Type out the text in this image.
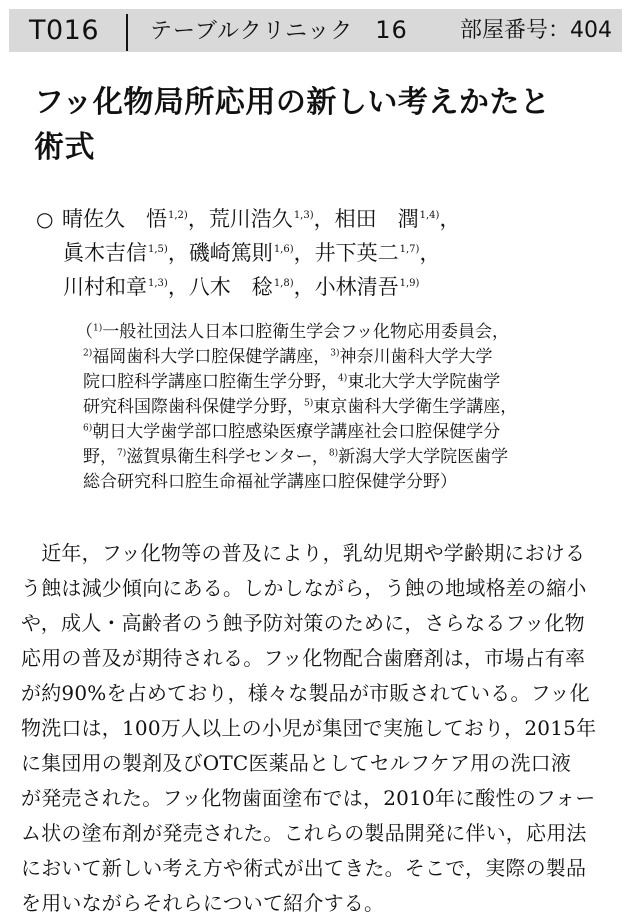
T016	テーブルクリニック 16	部屋番号：404
フッ化物局所応用の新しい考えかたと
術式
○ 晴佐久　悟$^{1,2)}$，荒川浩久$^{1,3)}$，相田　潤$^{1,4)}$，
眞木吉信$^{1,5)}$，磯崎篤則$^{1,6)}$，井下英二$^{1,7)}$，
川村和章$^{1,3)}$，八木　稔$^{1,8)}$，小林清吾$^{1,9)}$
（$^{1)}$一般社団法人日本口腔衛生学会フッ化物応用委員会，
$^{2)}$福岡歯科大学口腔保健学講座，$^{3)}$神奈川歯科大学大学
院口腔科学講座口腔衛生学分野，$^{4)}$東北大学大学院歯学
研究科国際歯科保健学分野，$^{5)}$東京歯科大学衛生学講座，
$^{6)}$朝日大学歯学部口腔感染医療学講座社会口腔保健学分
野，$^{7)}$滋賀県衛生科学センター，$^{8)}$新潟大学大学院医歯学
総合研究科口腔生命福祉学講座口腔保健学分野）
　近年，フッ化物等の普及により，乳幼児期や学齢期における
う蝕は減少傾向にある。しかしながら，う蝕の地域格差の縮小
や，成人・高齢者のう蝕予防対策のために，さらなるフッ化物
応用の普及が期待される。フッ化物配合歯磨剤は，市場占有率
が約90%を占めており，様々な製品が市販されている。フッ化
物洗口は，100万人以上の小児が集団で実施しており，2015年
に集団用の製剤及びOTC医薬品としてセルフケア用の洗口液
が発売された。フッ化物歯面塗布では，2010年に酸性のフォー
ム状の塗布剤が発売された。これらの製品開発に伴い，応用法
において新しい考え方や術式が出てきた。そこで，実際の製品
を用いながらそれらについて紹介する。
